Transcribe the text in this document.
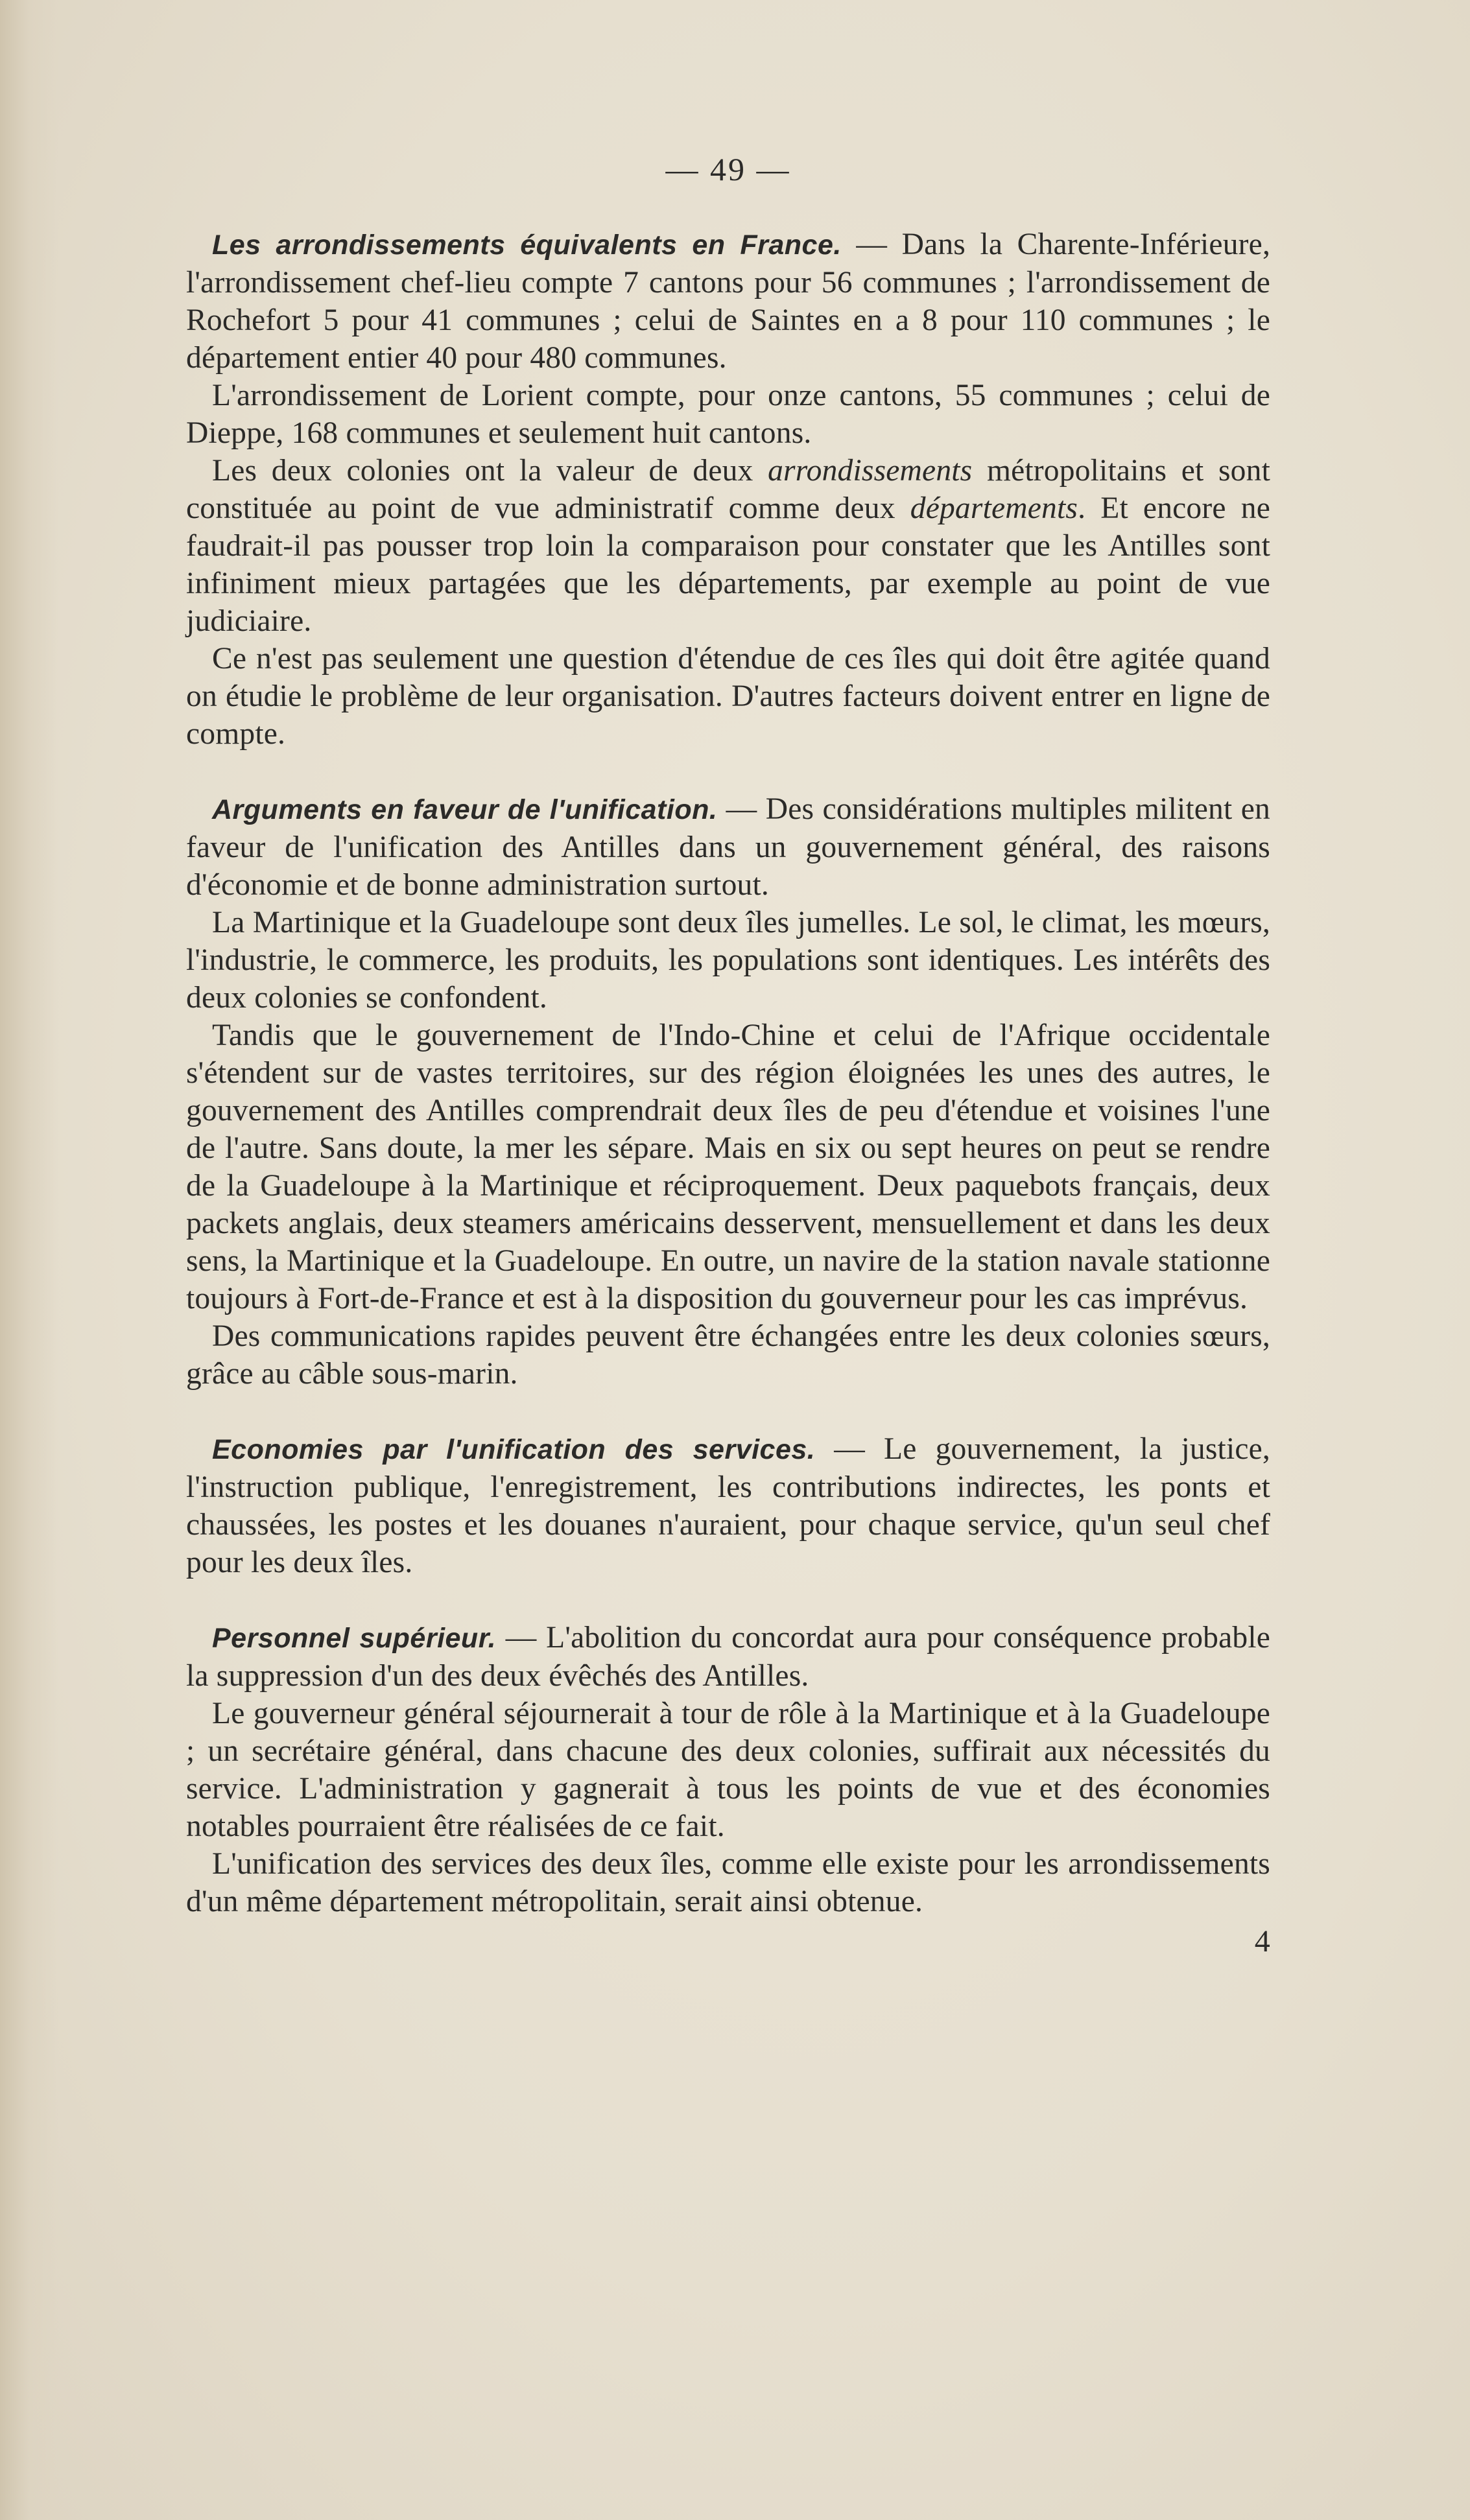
— 49 —

Les arrondissements équivalents en France. — Dans la Charente-Inférieure, l'arrondissement chef-lieu compte 7 cantons pour 56 communes ; l'arrondissement de Rochefort 5 pour 41 communes ; celui de Saintes en a 8 pour 110 communes ; le département entier 40 pour 480 communes.

L'arrondissement de Lorient compte, pour onze cantons, 55 communes ; celui de Dieppe, 168 communes et seulement huit cantons.

Les deux colonies ont la valeur de deux arrondissements métropolitains et sont constituée au point de vue administratif comme deux départements. Et encore ne faudrait-il pas pousser trop loin la comparaison pour constater que les Antilles sont infiniment mieux partagées que les départements, par exemple au point de vue judiciaire.

Ce n'est pas seulement une question d'étendue de ces îles qui doit être agitée quand on étudie le problème de leur organisation. D'autres facteurs doivent entrer en ligne de compte.

Arguments en faveur de l'unification. — Des considérations multiples militent en faveur de l'unification des Antilles dans un gouvernement général, des raisons d'économie et de bonne administration surtout.

La Martinique et la Guadeloupe sont deux îles jumelles. Le sol, le climat, les mœurs, l'industrie, le commerce, les produits, les populations sont identiques. Les intérêts des deux colonies se confondent.

Tandis que le gouvernement de l'Indo-Chine et celui de l'Afrique occidentale s'étendent sur de vastes territoires, sur des région éloignées les unes des autres, le gouvernement des Antilles comprendrait deux îles de peu d'étendue et voisines l'une de l'autre. Sans doute, la mer les sépare. Mais en six ou sept heures on peut se rendre de la Guadeloupe à la Martinique et réciproquement. Deux paquebots français, deux packets anglais, deux steamers américains desservent, mensuellement et dans les deux sens, la Martinique et la Guadeloupe. En outre, un navire de la station navale stationne toujours à Fort-de-France et est à la disposition du gouverneur pour les cas imprévus.

Des communications rapides peuvent être échangées entre les deux colonies sœurs, grâce au câble sous-marin.

Economies par l'unification des services. — Le gouvernement, la justice, l'instruction publique, l'enregistrement, les contributions indirectes, les ponts et chaussées, les postes et les douanes n'auraient, pour chaque service, qu'un seul chef pour les deux îles.

Personnel supérieur. — L'abolition du concordat aura pour conséquence probable la suppression d'un des deux évêchés des Antilles.

Le gouverneur général séjournerait à tour de rôle à la Martinique et à la Guadeloupe ; un secrétaire général, dans chacune des deux colonies, suffirait aux nécessités du service. L'administration y gagnerait à tous les points de vue et des économies notables pourraient être réalisées de ce fait.

L'unification des services des deux îles, comme elle existe pour les arrondissements d'un même département métropolitain, serait ainsi obtenue.

4
